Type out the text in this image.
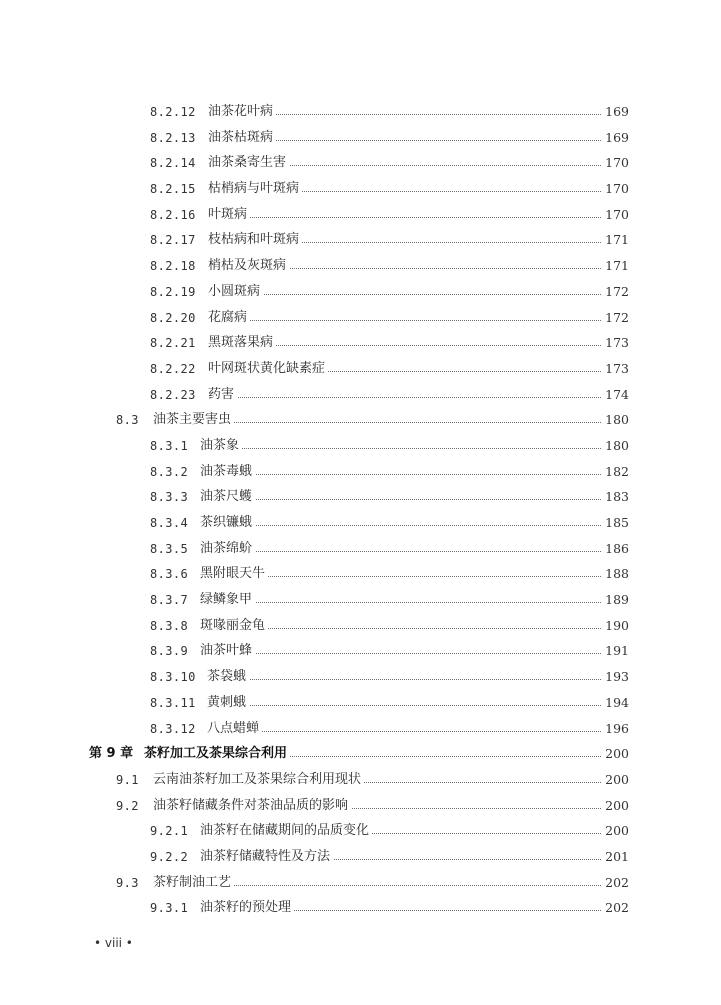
8.2.12 油茶花叶病	169
8.2.13 油茶枯斑病	169
8.2.14 油茶桑寄生害	170
8.2.15 枯梢病与叶斑病	170
8.2.16 叶斑病	170
8.2.17 枝枯病和叶斑病	171
8.2.18 梢枯及灰斑病	171
8.2.19 小圆斑病	172
8.2.20 花腐病	172
8.2.21 黑斑落果病	173
8.2.22 叶网斑状黄化缺素症	173
8.2.23 药害	174
8.3 油茶主要害虫	180
8.3.1 油茶象	180
8.3.2 油茶毒蛾	182
8.3.3 油茶尺蠖	183
8.3.4 茶织镰蛾	185
8.3.5 油茶绵蚧	186
8.3.6 黑附眼天牛	188
8.3.7 绿鳞象甲	189
8.3.8 斑喙丽金龟	190
8.3.9 油茶叶蜂	191
8.3.10 茶袋蛾	193
8.3.11 黄刺蛾	194
8.3.12 八点蜡蝉	196
第 9 章 茶籽加工及茶果综合利用	200
9.1 云南油茶籽加工及茶果综合利用现状	200
9.2 油茶籽储藏条件对茶油品质的影响	200
9.2.1 油茶籽在储藏期间的品质变化	200
9.2.2 油茶籽储藏特性及方法	201
9.3 茶籽制油工艺	202
9.3.1 油茶籽的预处理	202
• viii •
